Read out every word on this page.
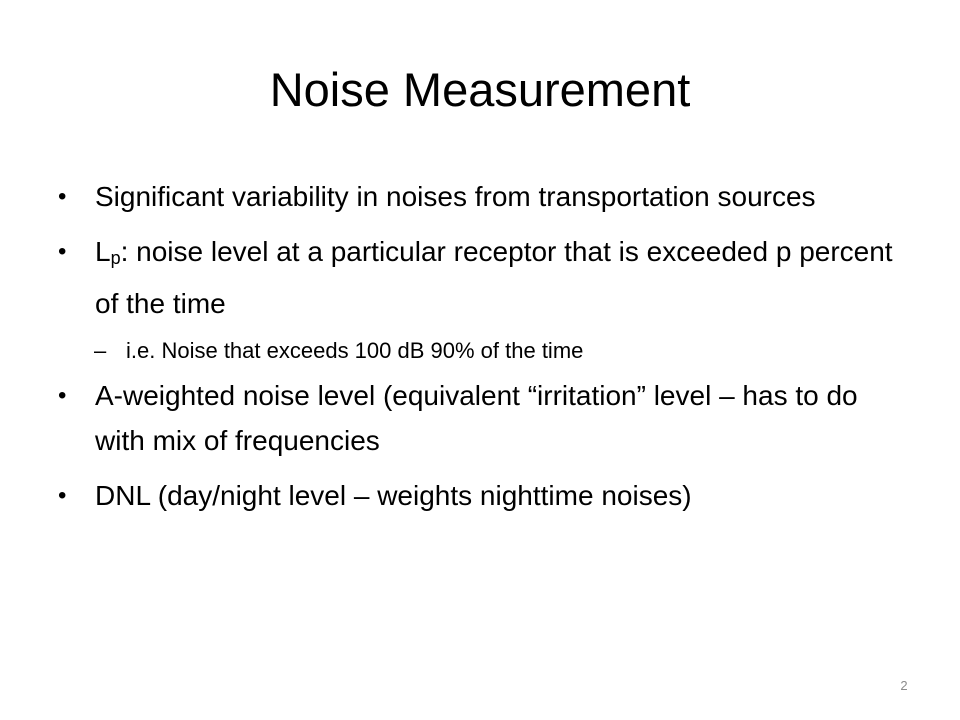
Noise Measurement
•	Significant variability in noises from transportation sources
•	Lp: noise level at a particular receptor that is exceeded p percent of the time
– i.e. Noise that exceeds 100 dB 90% of the time
•	A-weighted noise level (equivalent “irritation” level – has to do with mix of frequencies
•	DNL (day/night level – weights nighttime noises)
2
